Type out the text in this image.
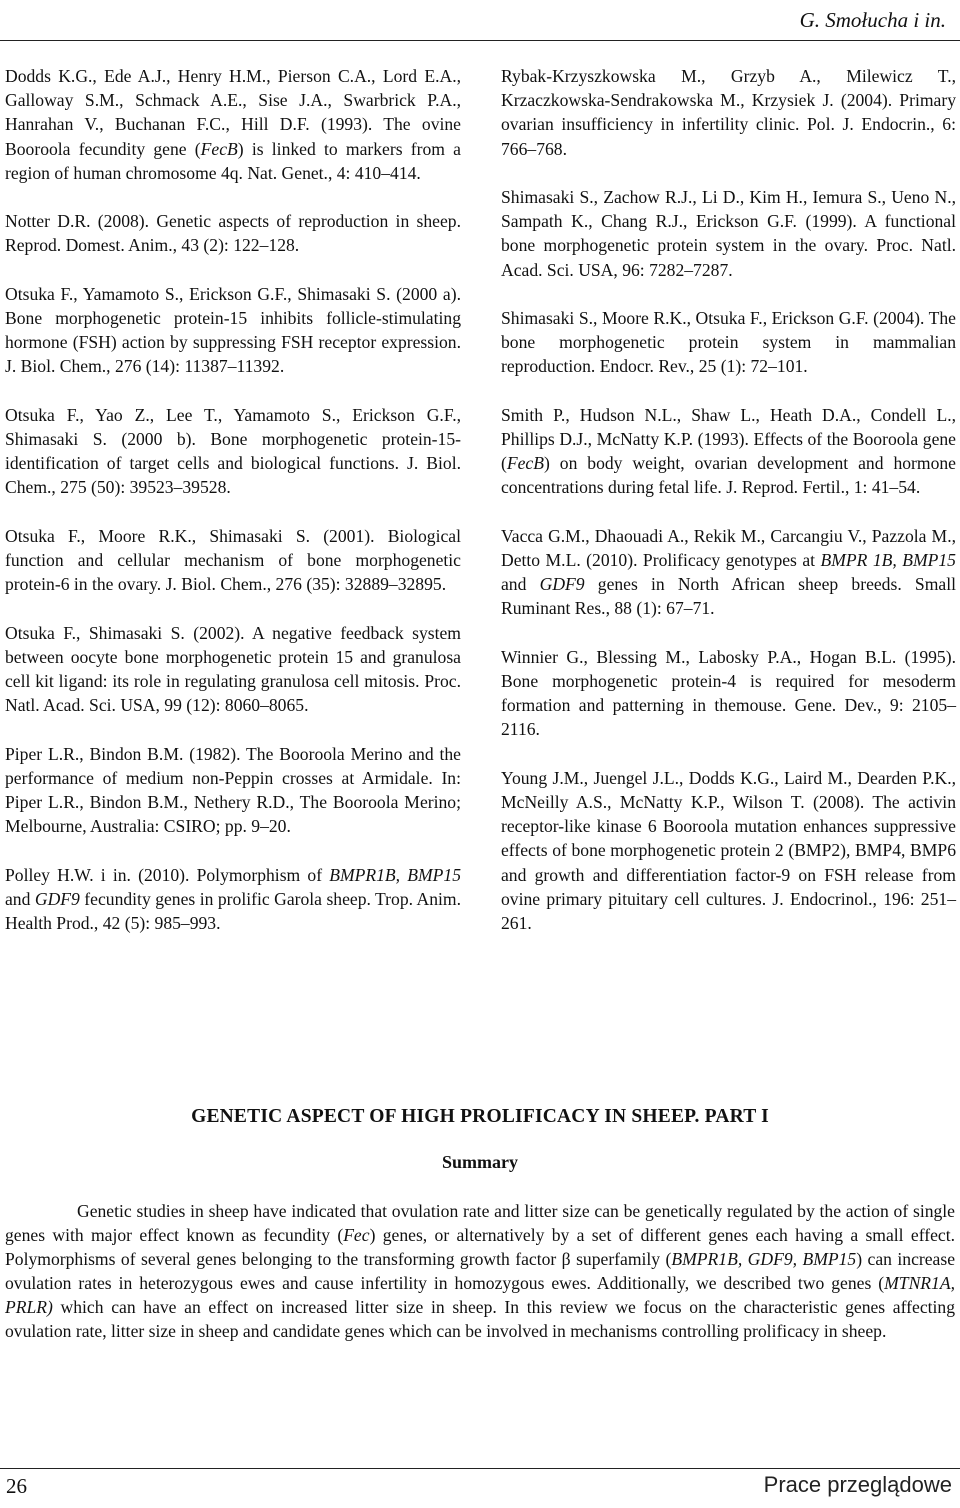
G. Smołucha i in.

Dodds K.G., Ede A.J., Henry H.M., Pierson C.A., Lord E.A., Galloway S.M., Schmack A.E., Sise J.A., Swarbrick P.A., Hanrahan V., Buchanan F.C., Hill D.F. (1993). The ovine Booroola fecundity gene (FecB) is linked to markers from a region of human chromosome 4q. Nat. Genet., 4: 410–414.

Notter D.R. (2008). Genetic aspects of reproduction in sheep. Reprod. Domest. Anim., 43 (2): 122–128.

Otsuka F., Yamamoto S., Erickson G.F., Shimasaki S. (2000 a). Bone morphogenetic protein-15 inhibits follicle-stimulating hormone (FSH) action by suppressing FSH receptor expression. J. Biol. Chem., 276 (14): 11387–11392.

Otsuka F., Yao Z., Lee T., Yamamoto S., Erickson G.F., Shimasaki S. (2000 b). Bone morphogenetic protein-15-identification of target cells and biological functions. J. Biol. Chem., 275 (50): 39523–39528.

Otsuka F., Moore R.K., Shimasaki S. (2001). Biological function and cellular mechanism of bone morphogenetic protein-6 in the ovary. J. Biol. Chem., 276 (35): 32889–32895.

Otsuka F., Shimasaki S. (2002). A negative feedback system between oocyte bone morphogenetic protein 15 and granulosa cell kit ligand: its role in regulating granulosa cell mitosis. Proc. Natl. Acad. Sci. USA, 99 (12): 8060–8065.

Piper L.R., Bindon B.M. (1982). The Booroola Merino and the performance of medium non-Peppin crosses at Armidale. In: Piper L.R., Bindon B.M., Nethery R.D., The Booroola Merino; Melbourne, Australia: CSIRO; pp. 9–20.

Polley H.W. i in. (2010). Polymorphism of BMPR1B, BMP15 and GDF9 fecundity genes in prolific Garola sheep. Trop. Anim. Health Prod., 42 (5): 985–993.

Rybak-Krzyszkowska M., Grzyb A., Milewicz T., Krzaczkowska-Sendrakowska M., Krzysiek J. (2004). Primary ovarian insufficiency in infertility clinic. Pol. J. Endocrin., 6: 766–768.

Shimasaki S., Zachow R.J., Li D., Kim H., Iemura S., Ueno N., Sampath K., Chang R.J., Erickson G.F. (1999). A functional bone morphogenetic protein system in the ovary. Proc. Natl. Acad. Sci. USA, 96: 7282–7287.

Shimasaki S., Moore R.K., Otsuka F., Erickson G.F. (2004). The bone morphogenetic protein system in mammalian reproduction. Endocr. Rev., 25 (1): 72–101.

Smith P., Hudson N.L., Shaw L., Heath D.A., Condell L., Phillips D.J., McNatty K.P. (1993). Effects of the Booroola gene (FecB) on body weight, ovarian development and hormone concentrations during fetal life. J. Reprod. Fertil., 1: 41–54.

Vacca G.M., Dhaouadi A., Rekik M., Carcangiu V., Pazzola M., Detto M.L. (2010). Prolificacy genotypes at BMPR 1B, BMP15 and GDF9 genes in North African sheep breeds. Small Ruminant Res., 88 (1): 67–71.

Winnier G., Blessing M., Labosky P.A., Hogan B.L. (1995). Bone morphogenetic protein-4 is required for mesoderm formation and patterning in themouse. Gene. Dev., 9: 2105–2116.

Young J.M., Juengel J.L., Dodds K.G., Laird M., Dearden P.K., McNeilly A.S., McNatty K.P., Wilson T. (2008). The activin receptor-like kinase 6 Booroola mutation enhances suppressive effects of bone morphogenetic protein 2 (BMP2), BMP4, BMP6 and growth and differentiation factor-9 on FSH release from ovine primary pituitary cell cultures. J. Endocrinol., 196: 251–261.

GENETIC ASPECT OF HIGH PROLIFICACY IN SHEEP. PART I

Summary

Genetic studies in sheep have indicated that ovulation rate and litter size can be genetically regulated by the action of single genes with major effect known as fecundity (Fec) genes, or alternatively by a set of different genes each having a small effect. Polymorphisms of several genes belonging to the transforming growth factor β superfamily (BMPR1B, GDF9, BMP15) can increase ovulation rates in heterozygous ewes and cause infertility in homozygous ewes. Additionally, we described two genes (MTNR1A, PRLR) which can have an effect on increased litter size in sheep. In this review we focus on the characteristic genes affecting ovulation rate, litter size in sheep and candidate genes which can be involved in mechanisms controlling prolificacy in sheep.

26	Prace przeglądowe
